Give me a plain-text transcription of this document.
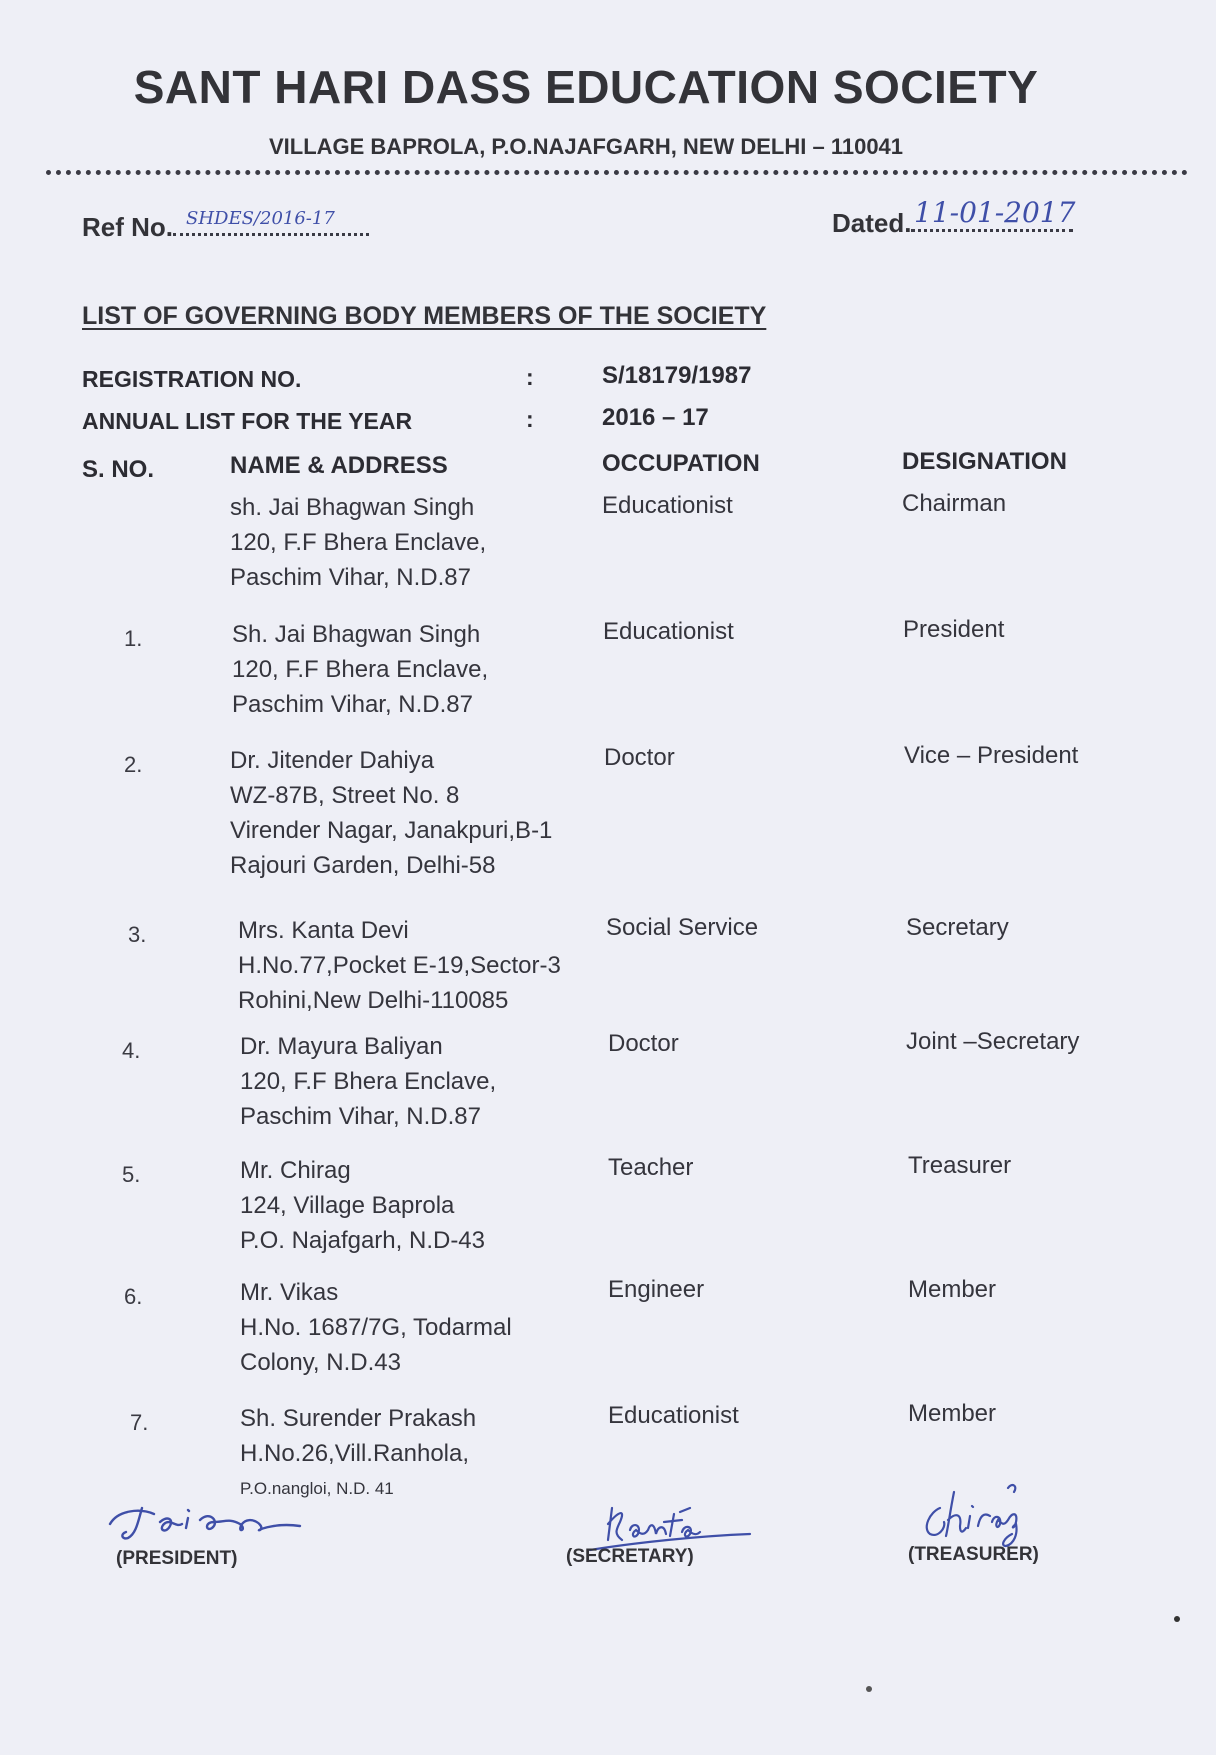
SANT HARI DASS EDUCATION SOCIETY
VILLAGE BAPROLA, P.O.NAJAFGARH, NEW DELHI – 110041
Ref No. SHDES/2016-17	Dated. 11-01-2017
LIST OF GOVERNING BODY MEMBERS OF THE SOCIETY
REGISTRATION NO.	:	S/18179/1987
ANNUAL LIST FOR THE YEAR	:	2016 – 17
S. NO.	NAME & ADDRESS	OCCUPATION	DESIGNATION
sh. Jai Bhagwan Singh
120, F.F Bhera Enclave,
Paschim Vihar, N.D.87
Educationist	Chairman
1.	Sh. Jai Bhagwan Singh
120, F.F Bhera Enclave,
Paschim Vihar, N.D.87
Educationist	President
2.	Dr. Jitender Dahiya
WZ-87B, Street No. 8
Virender Nagar, Janakpuri,B-1
Rajouri Garden, Delhi-58
Doctor	Vice – President
3.	Mrs. Kanta Devi
H.No.77,Pocket E-19,Sector-3
Rohini,New Delhi-110085
Social Service	Secretary
4.	Dr. Mayura Baliyan
120, F.F Bhera Enclave,
Paschim Vihar, N.D.87
Doctor	Joint –Secretary
5.	Mr. Chirag
124, Village Baprola
P.O. Najafgarh, N.D-43
Teacher	Treasurer
6.	Mr. Vikas
H.No. 1687/7G, Todarmal
Colony, N.D.43
Engineer	Member
7.	Sh. Surender Prakash
H.No.26,Vill.Ranhola,
P.O.nangloi, N.D. 41
Educationist	Member
(PRESIDENT)	(SECRETARY)	(TREASURER)
